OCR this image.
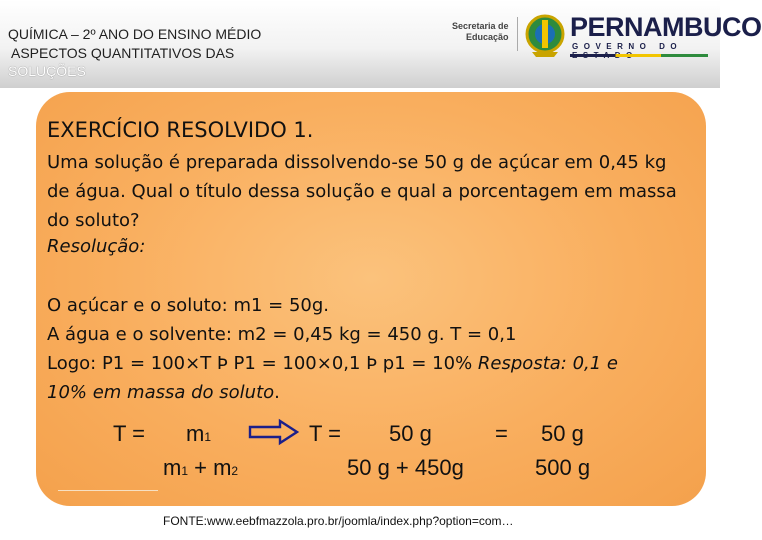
QUÍMICA – 2º ANO DO ENSINO MÉDIO
ASPECTOS QUANTITATIVOS DAS
SOLUÇÕES
Secretaria de
Educação PERNAMBUCO
GOVERNO DO
EXERCÍCIO RESOLVIDO 1.
Uma solução é preparada dissolvendo-se 50 g de açúcar em 0,45 kg de água. Qual o título dessa solução e qual a porcentagem em massa do soluto?
Resolução:
O açúcar e o soluto: m1 = 50g.
A água e o solvente: m2 = 0,45 kg = 450 g. T = 0,1
Logo: P1 = 100×T Þ P1 = 100×0,1 Þ p1 = 10% Resposta: 0,1 e
10% em massa do soluto.
T = m1
m1 + m2
T = 50 g
50 g + 450g
= 50 g
500 g
FONTE:www.eebfmazzola.pro.br/joomla/index.php?option=com…
